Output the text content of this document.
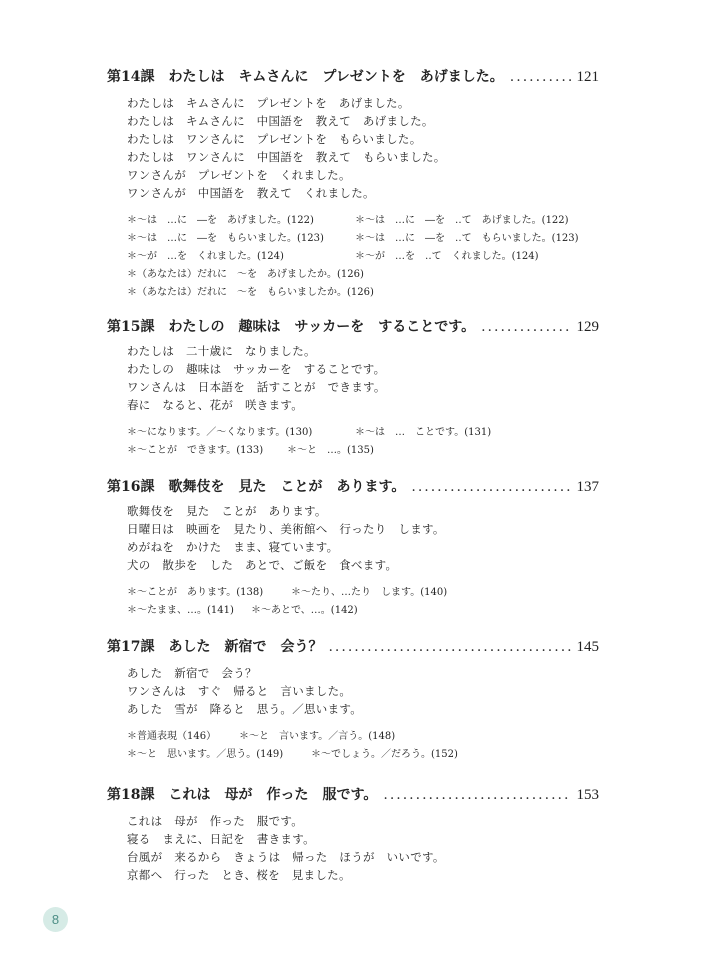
第14課 わたしは　キムさんに　プレゼントを　あげました。 .....	121
わたしは　キムさんに　プレゼントを　あげました。
わたしは　キムさんに　中国語を　教えて　あげました。
わたしは　ワンさんに　プレゼントを　もらいました。
わたしは　ワンさんに　中国語を　教えて　もらいました。
ワンさんが　プレゼントを　くれました。
ワンさんが　中国語を　教えて　くれました。
＊～は　…に　―を　あげました。(122)	＊～は　…に　―を　‥て　あげました。(122)
＊～は　…に　―を　もらいました。(123)	＊～は　…に　―を　‥て　もらいました。(123)
＊～が　…を　くれました。(124)	＊～が　…を　‥て　くれました。(124)
＊（あなたは）だれに　～を　あげましたか。(126)
＊（あなたは）だれに　～を　もらいましたか。(126)
第15課 わたしの　趣味は　サッカーを　することです。 .....	129
わたしは　二十歳に　なりました。
わたしの　趣味は　サッカーを　することです。
ワンさんは　日本語を　話すことが　できます。
春に　なると、花が　咲きます。
＊～になります。／～くなります。(130)	＊～は　…　ことです。(131)
＊～ことが　できます。(133)	＊～と　…。(135)
第16課 歌舞伎を　見た　ことが　あります。 .....	137
歌舞伎を　見た　ことが　あります。
日曜日は　映画を　見たり、美術館へ　行ったり　します。
めがねを　かけた　まま、寝ています。
犬の　散歩を　した　あとで、ご飯を　食べます。
＊～ことが　あります。(138)	＊～たり、…たり　します。(140)
＊～たまま、…。(141)	＊～あとで、…。(142)
第17課 あした　新宿で　会う？ .....	145
あした　新宿で　会う？
ワンさんは　すぐ　帰ると　言いました。
あした　雪が　降ると　思う。／思います。
＊普通表現（146）	＊～と　言います。／言う。(148)
＊～と　思います。／思う。(149)	＊～でしょう。／だろう。(152)
第18課 これは　母が　作った　服です。 .....	153
これは　母が　作った　服です。
寝る　まえに、日記を　書きます。
台風が　来るから　きょうは　帰った　ほうが　いいです。
京都へ　行った　とき、桜を　見ました。
8
